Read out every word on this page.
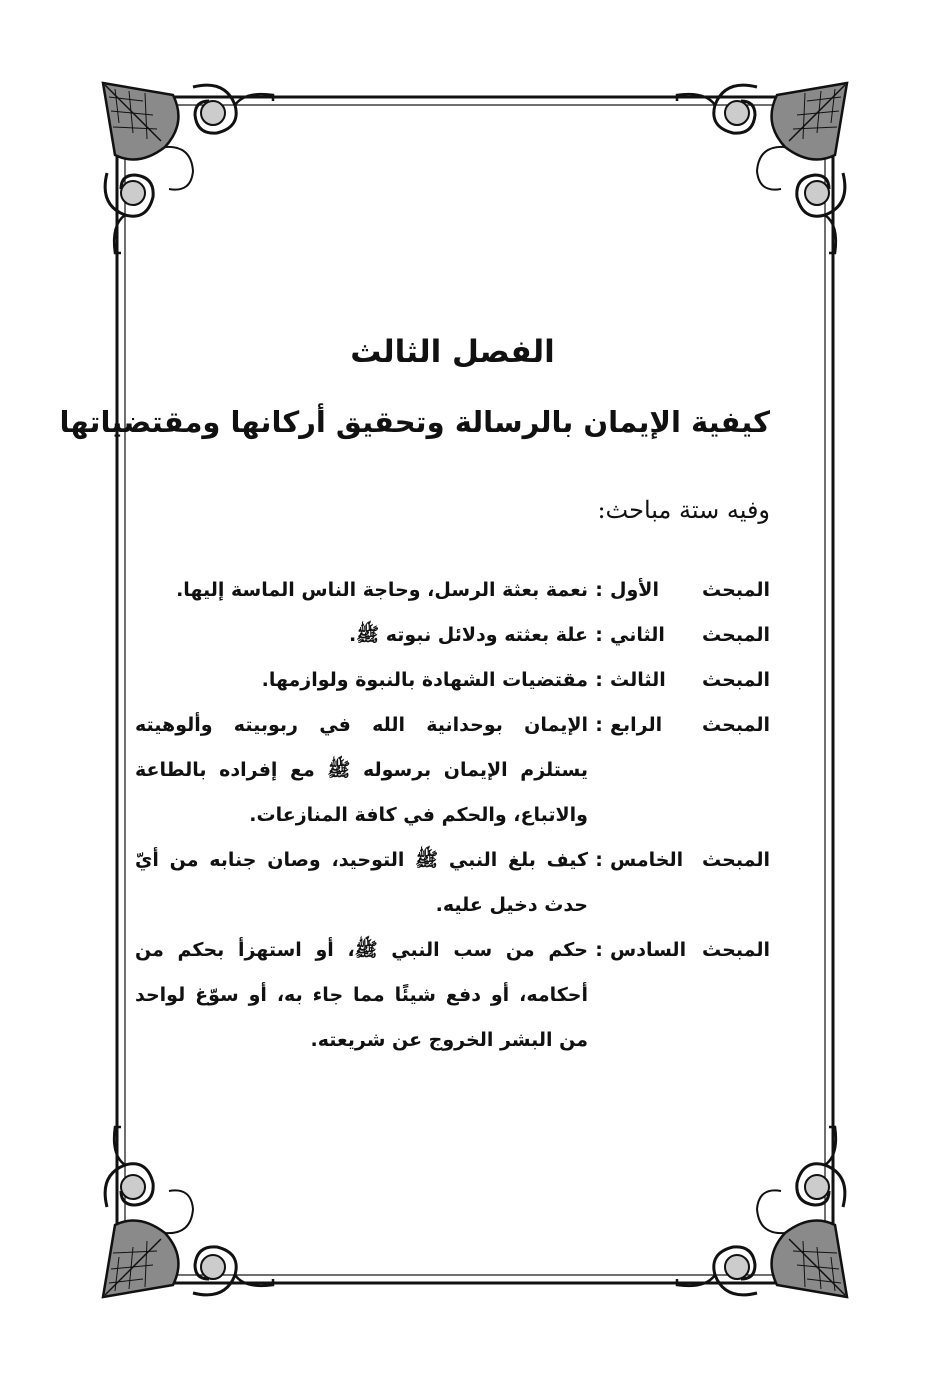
الفصل الثالث
كيفية الإيمان بالرسالة وتحقيق أركانها ومقتضياتها
وفيه ستة مباحث:
المبحث الأول
:
نعمة بعثة الرسل، وحاجة الناس الماسة إليها.
المبحث الثاني
:
علة بعثته ودلائل نبوته ﷺ.
المبحث الثالث
:
مقتضيات الشهادة بالنبوة ولوازمها.
المبحث الرابع
:
الإيمان بوحدانية الله في ربوبيته وألوهيته يستلزم الإيمان برسوله ﷺ مع إفراده بالطاعة والاتباع، والحكم في كافة المنازعات.
المبحث الخامس
:
كيف بلغ النبي ﷺ التوحيد، وصان جنابه من أيّ حدث دخيل عليه.
المبحث السادس
:
حكم من سب النبي ﷺ، أو استهزأ بحكم من أحكامه، أو دفع شيئًا مما جاء به، أو سوّغ لواحد من البشر الخروج عن شريعته.
